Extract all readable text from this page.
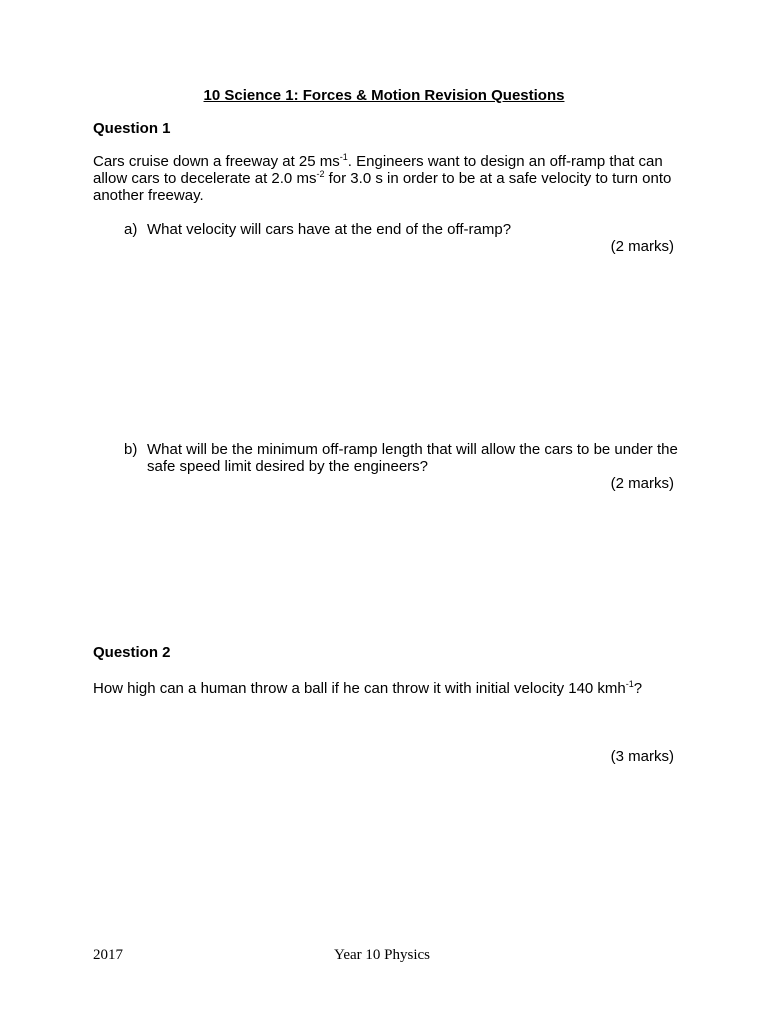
10 Science 1: Forces & Motion Revision Questions
Question 1
Cars cruise down a freeway at 25 $ms^{-1}$. Engineers want to design an off-ramp that can allow cars to decelerate at 2.0 $ms^{-2}$ for 3.0 s in order to be at a safe velocity to turn onto another freeway.
a) What velocity will cars have at the end of the off-ramp?
(2 marks)
b) What will be the minimum off-ramp length that will allow the cars to be under the safe speed limit desired by the engineers?
(2 marks)
Question 2
How high can a human throw a ball if he can throw it with initial velocity 140 kmh$^{-1}$?
(3 marks)
2017	Year 10 Physics
